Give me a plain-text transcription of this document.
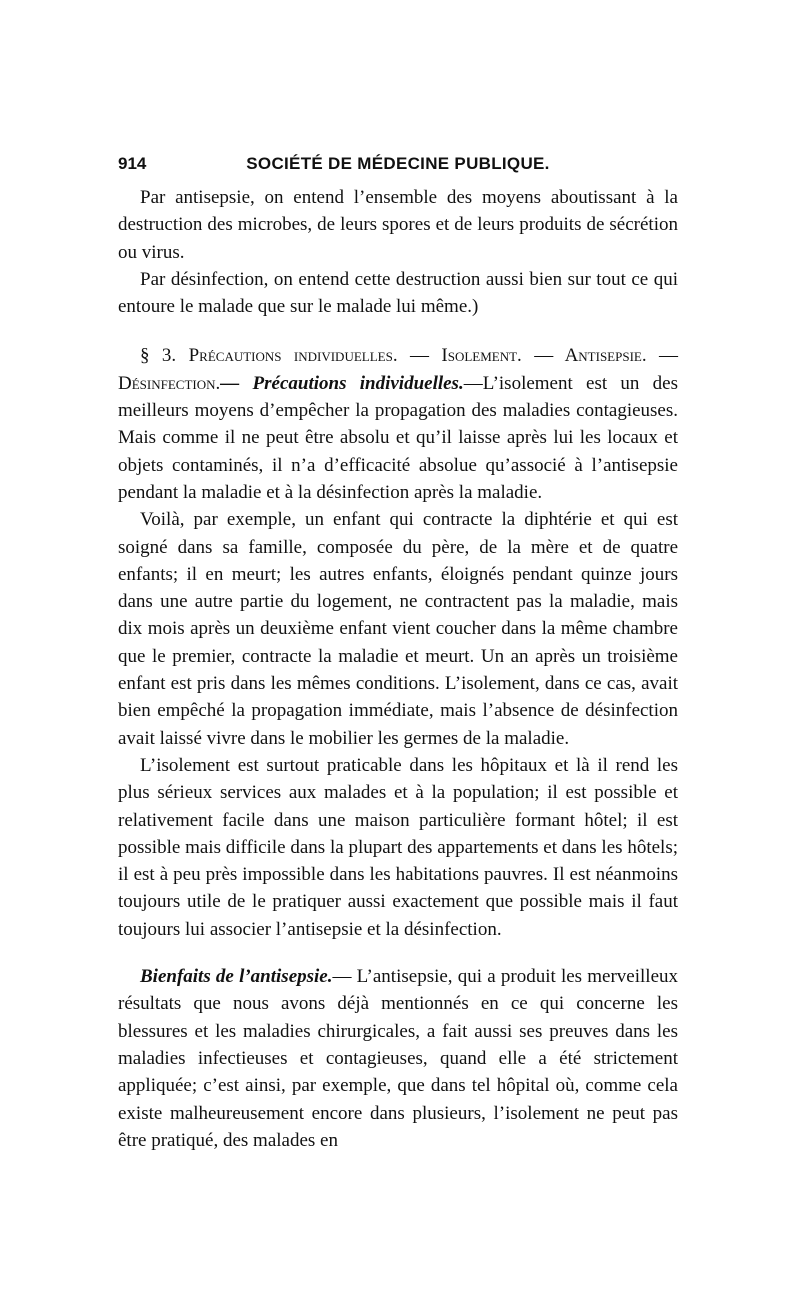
914	SOCIÉTÉ DE MÉDECINE PUBLIQUE.

Par antisepsie, on entend l’ensemble des moyens aboutissant à la destruction des microbes, de leurs spores et de leurs produits de sécrétion ou virus.

Par désinfection, on entend cette destruction aussi bien sur tout ce qui entoure le malade que sur le malade lui même.)

§ 3. Précautions individuelles. — Isolement. — Antisepsie. — Désinfection.— Précautions individuelles.—L’isolement est un des meilleurs moyens d’empêcher la propagation des maladies contagieuses. Mais comme il ne peut être absolu et qu’il laisse après lui les locaux et objets contaminés, il n’a d’efficacité absolue qu’associé à l’antisepsie pendant la maladie et à la désinfection après la maladie.

Voilà, par exemple, un enfant qui contracte la diphtérie et qui est soigné dans sa famille, composée du père, de la mère et de quatre enfants; il en meurt; les autres enfants, éloignés pendant quinze jours dans une autre partie du logement, ne contractent pas la maladie, mais dix mois après un deuxième enfant vient coucher dans la même chambre que le premier, contracte la maladie et meurt. Un an après un troisième enfant est pris dans les mêmes conditions. L’isolement, dans ce cas, avait bien empêché la propagation immédiate, mais l’absence de désinfection avait laissé vivre dans le mobilier les germes de la maladie.

L’isolement est surtout praticable dans les hôpitaux et là il rend les plus sérieux services aux malades et à la population; il est possible et relativement facile dans une maison particulière formant hôtel; il est possible mais difficile dans la plupart des appartements et dans les hôtels; il est à peu près impossible dans les habitations pauvres. Il est néanmoins toujours utile de le pratiquer aussi exactement que possible mais il faut toujours lui associer l’antisepsie et la désinfection.

Bienfaits de l’antisepsie.— L’antisepsie, qui a produit les merveilleux résultats que nous avons déjà mentionnés en ce qui concerne les blessures et les maladies chirurgicales, a fait aussi ses preuves dans les maladies infectieuses et contagieuses, quand elle a été strictement appliquée; c’est ainsi, par exemple, que dans tel hôpital où, comme cela existe malheureusement encore dans plusieurs, l’isolement ne peut pas être pratiqué, des malades en
